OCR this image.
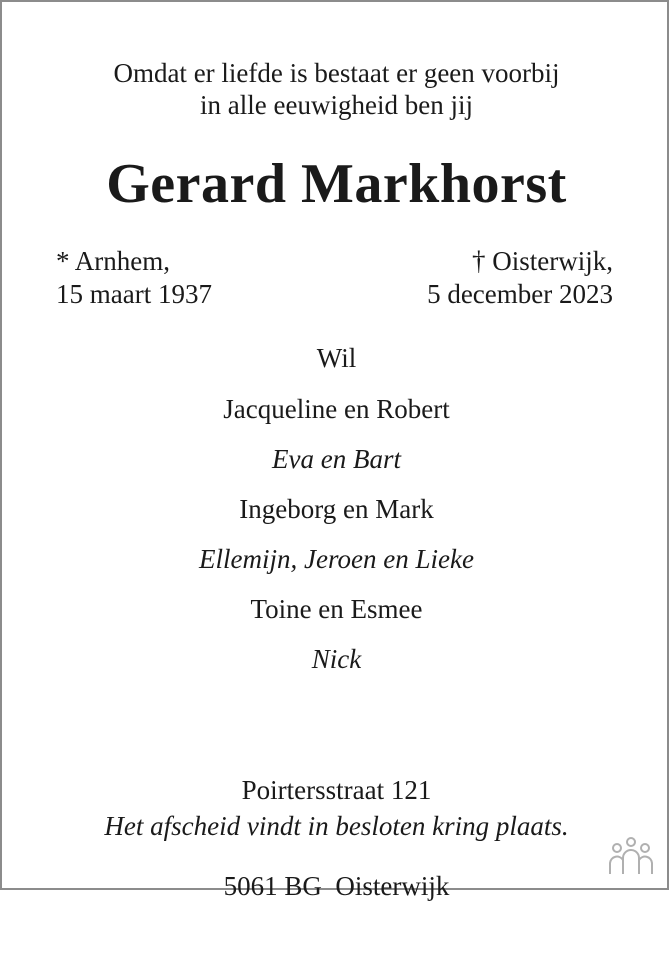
Omdat er liefde is bestaat er geen voorbij
in alle eeuwigheid ben jij
Gerard Markhorst
* Arnhem,
15 maart 1937
† Oisterwijk,
5 december 2023
Wil
Jacqueline en Robert
Eva en Bart
Ingeborg en Mark
Ellemijn, Jeroen en Lieke
Toine en Esmee
Nick

Poirtersstraat 121

5061 BG  Oisterwijk

Het afscheid vindt in besloten kring plaats.
